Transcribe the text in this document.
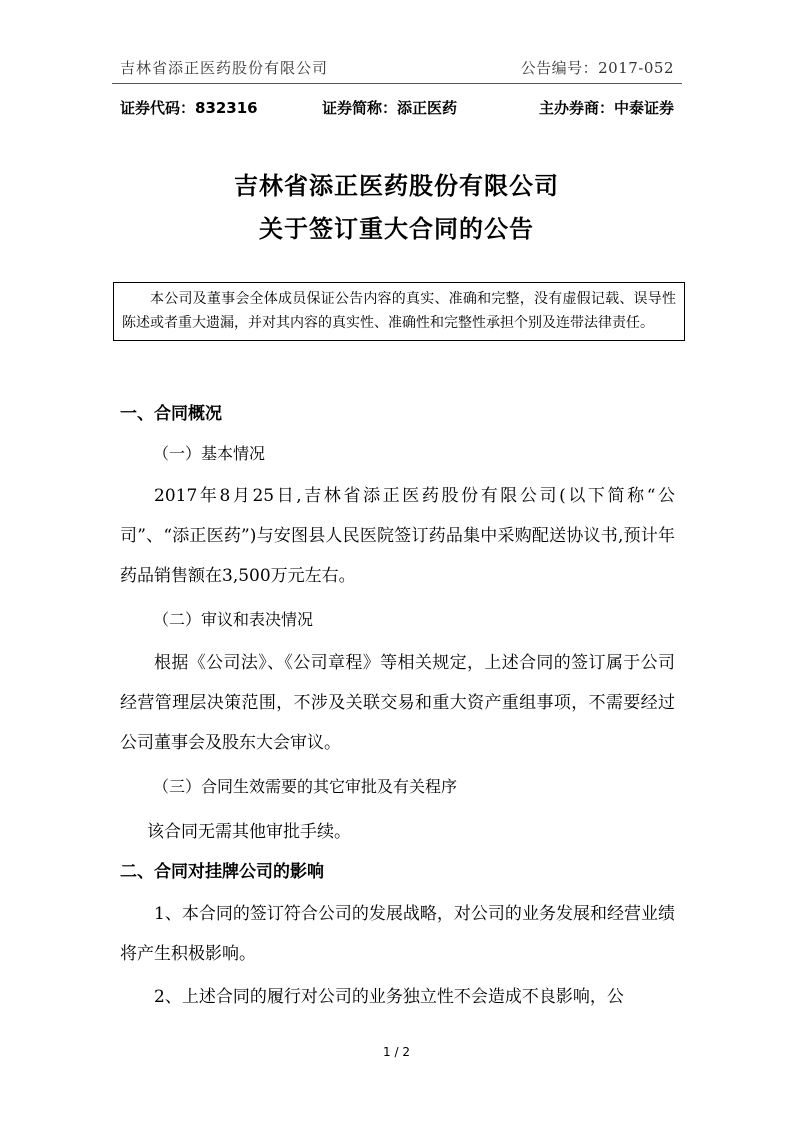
吉林省添正医药股份有限公司	公告编号：2017-052
证券代码：832316	证券简称：添正医药	主办券商：中泰证券
吉林省添正医药股份有限公司
关于签订重大合同的公告
本公司及董事会全体成员保证公告内容的真实、准确和完整，没有虚假记载、误导性陈述或者重大遗漏，并对其内容的真实性、准确性和完整性承担个别及连带法律责任。
一、合同概况
（一）基本情况
2017年8月25日,吉林省添正医药股份有限公司(以下简称“公司”、“添正医药”)与安图县人民医院签订药品集中采购配送协议书,预计年药品销售额在3,500万元左右。
（二）审议和表决情况
根据《公司法》、《公司章程》等相关规定，上述合同的签订属于公司经营管理层决策范围，不涉及关联交易和重大资产重组事项，不需要经过公司董事会及股东大会审议。
（三）合同生效需要的其它审批及有关程序
该合同无需其他审批手续。
二、合同对挂牌公司的影响
1、本合同的签订符合公司的发展战略，对公司的业务发展和经营业绩将产生积极影响。
2、上述合同的履行对公司的业务独立性不会造成不良影响，公
1 / 2
